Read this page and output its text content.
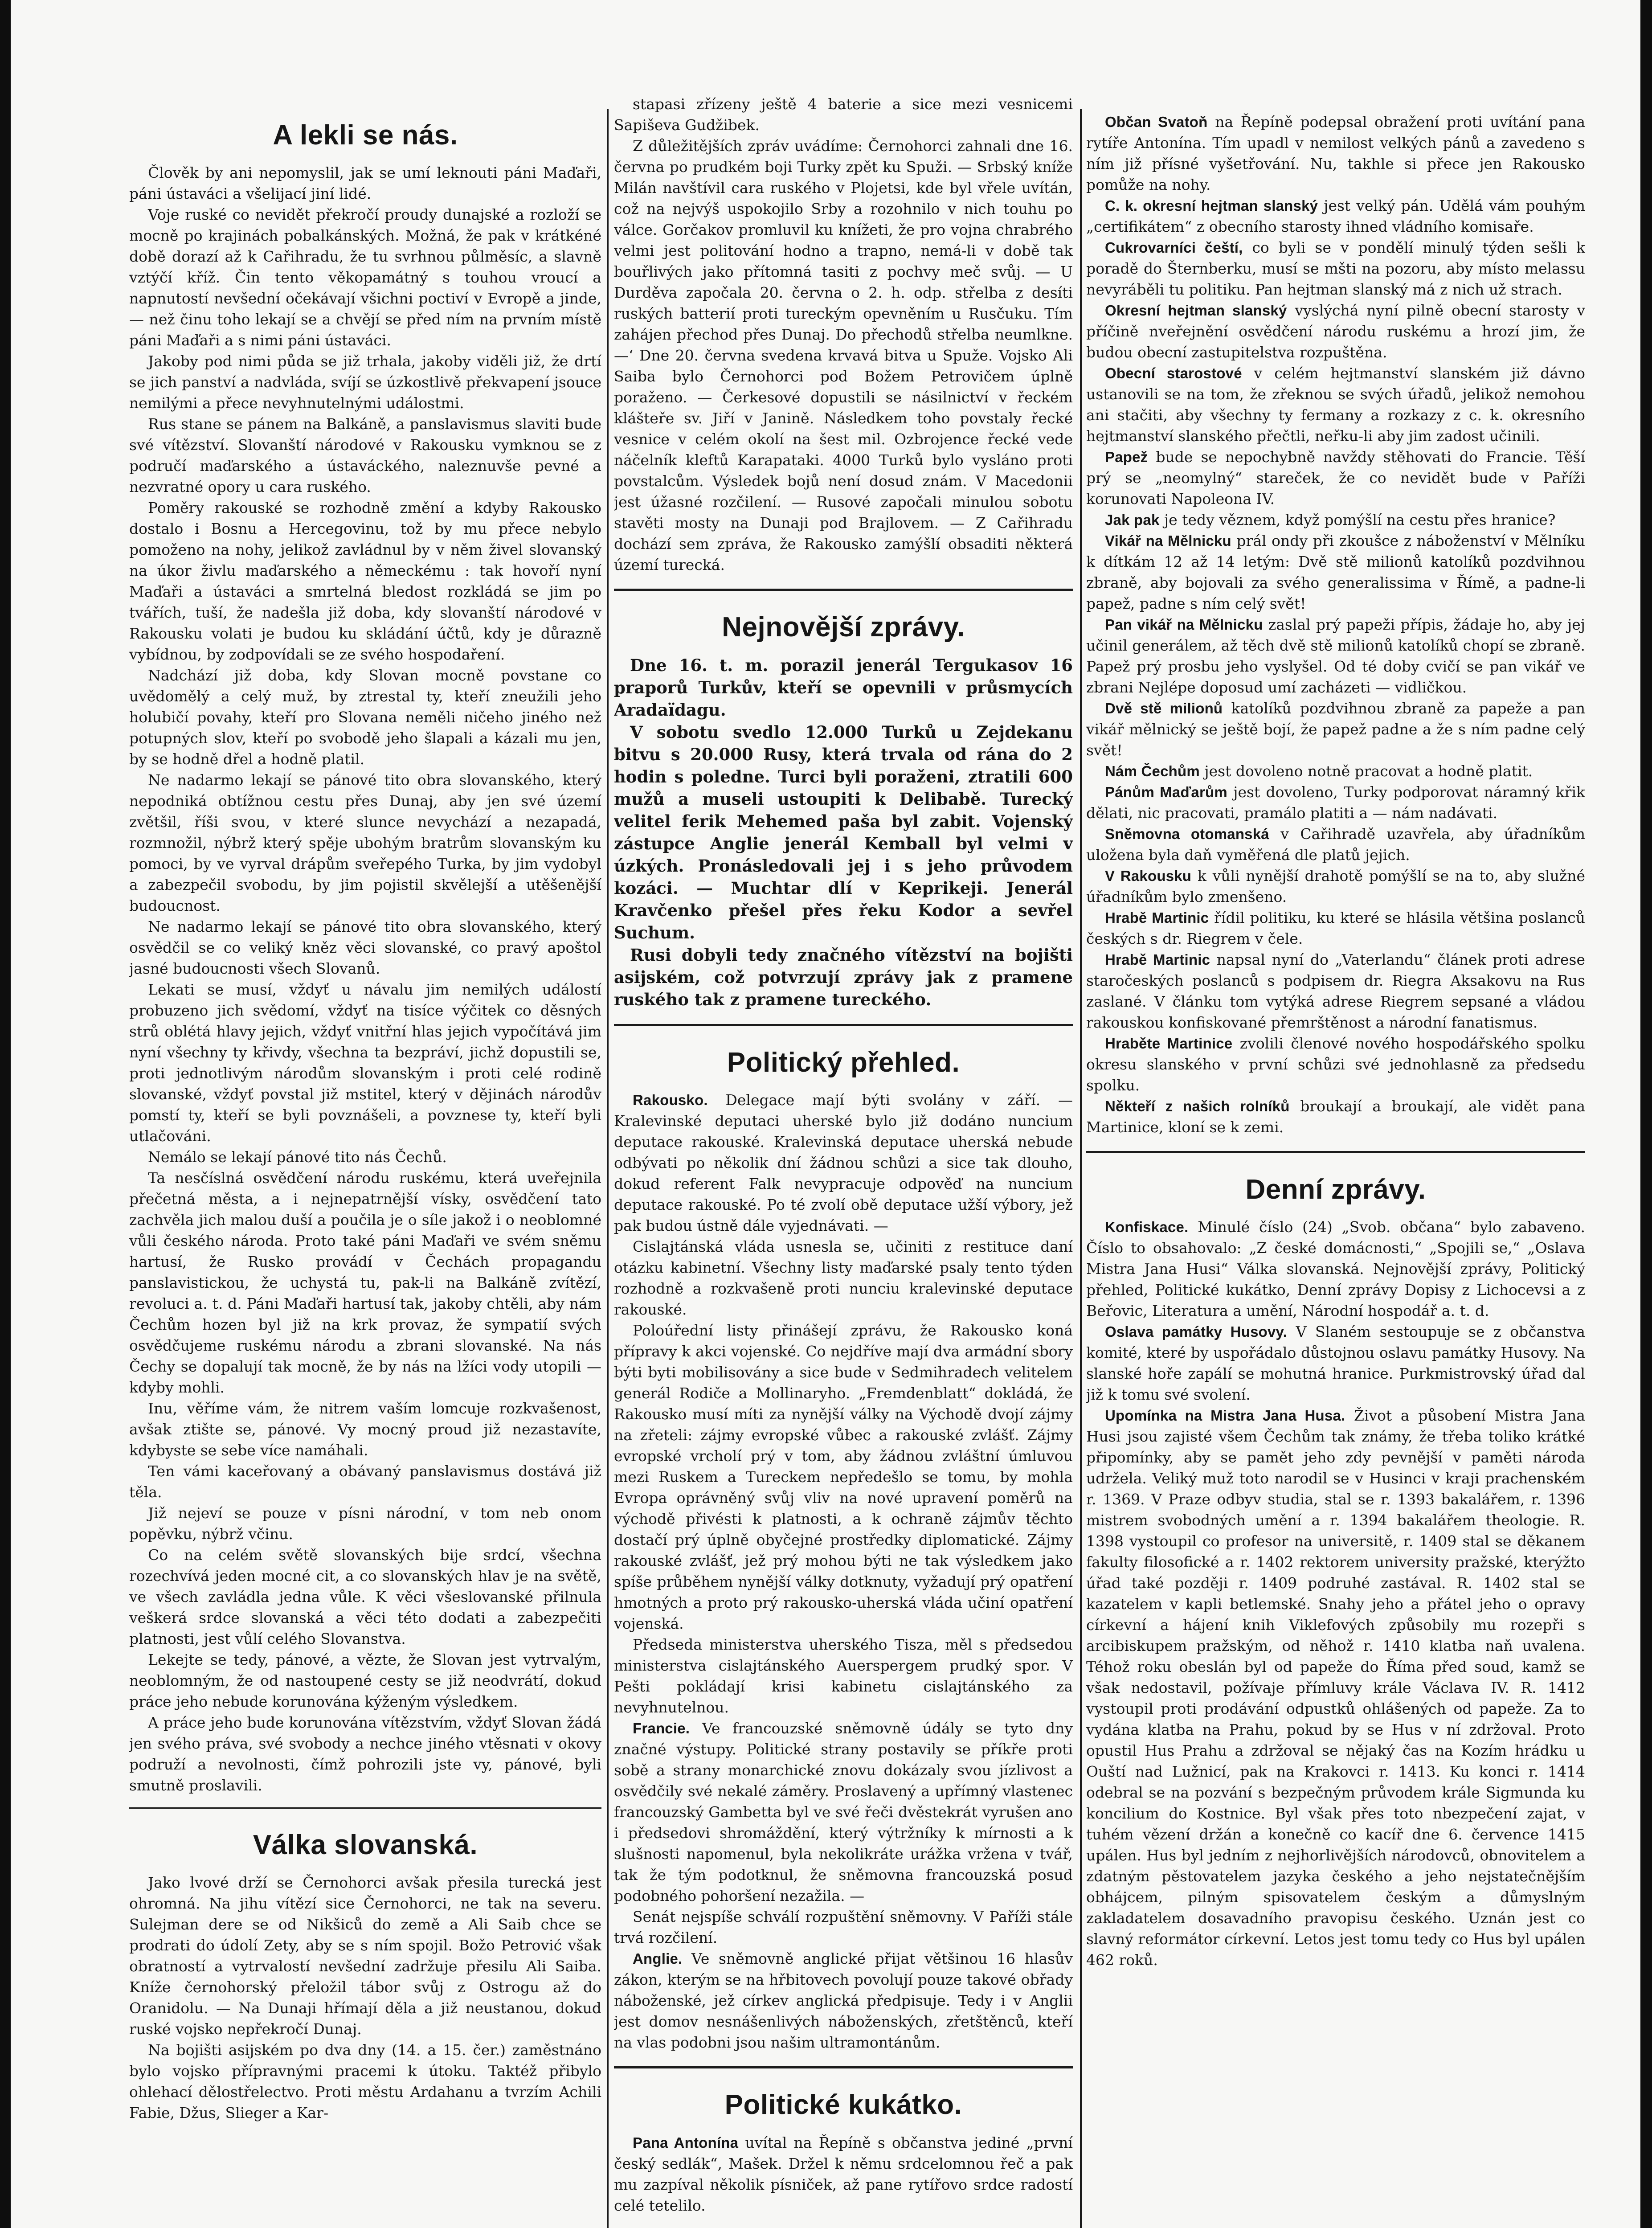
A lekli se nás.

Člověk by ani nepomyslil, jak se umí leknouti páni Maďaři, páni ústaváci a všelijací jiní lidé.

Voje ruské co nevidět překročí proudy dunajské a rozloží se mocně po krajinách pobalkánských. Možná, že pak v krátkéné době dorazí až k Cařihradu, že tu svrhnou půlměsíc, a slavně vztýčí kříž. Čin tento věkopamátný s touhou vroucí a napnutostí nevšední očekávají všichni poctiví v Evropě a jinde, — než činu toho lekají se a chvějí se před ním na prvním místě páni Maďaři a s nimi páni ústaváci.

Jakoby pod nimi půda se již trhala, jakoby viděli již, že drtí se jich panství a nadvláda, svíjí se úzkostlivě překvapení jsouce nemilými a přece nevyhnutelnými událostmi.

Rus stane se pánem na Balkáně, a panslavismus slaviti bude své vítězství. Slovanští národové v Rakousku vymknou se z područí maďarského a ústaváckého, naleznuvše pevné a nezvratné opory u cara ruského.

Poměry rakouské se rozhodně změní a kdyby Rakousko dostalo i Bosnu a Hercegovinu, tož by mu přece nebylo pomoženo na nohy, jelikož zavládnul by v něm živel slovanský na úkor živlu maďarského a německému : tak hovoří nyní Maďaři a ústaváci a smrtelná bledost rozkládá se jim po tvářích, tuší, že nadešla již doba, kdy slovanští národové v Rakousku volati je budou ku skládání účtů, kdy je důrazně vybídnou, by zodpovídali se ze svého hospodaření.

Nadchází již doba, kdy Slovan mocně povstane co uvědomělý a celý muž, by ztrestal ty, kteří zneužili jeho holubičí povahy, kteří pro Slovana neměli ničeho jiného než potupných slov, kteří po svobodě jeho šlapali a kázali mu jen, by se hodně dřel a hodně platil.

Ne nadarmo lekají se pánové tito obra slovanského, který nepodniká obtížnou cestu přes Dunaj, aby jen své území zvětšil, říši svou, v které slunce nevychází a nezapadá, rozmnožil, nýbrž který spěje ubohým bratrům slovanským ku pomoci, by ve vyrval drápům sveřepého Turka, by jim vydobyl a zabezpečil svobodu, by jim pojistil skvělejší a utěšenější budoucnost.

Ne nadarmo lekají se pánové tito obra slovanského, který osvědčil se co veliký kněz věci slovanské, co pravý apoštol jasné budoucnosti všech Slovanů.

Lekati se musí, vždyť u návalu jim nemilých událostí probuzeno jich svědomí, vždyť na tisíce výčitek co děsných strů oblétá hlavy jejich, vždyť vnitřní hlas jejich vypočítává jim nyní všechny ty křivdy, všechna ta bezpráví, jichž dopustili se, proti jednotlivým národům slovanským i proti celé rodině slovanské, vždyť povstal již mstitel, který v dějinách národův pomstí ty, kteří se byli povznášeli, a povznese ty, kteří byli utlačováni.

Nemálo se lekají pánové tito nás Čechů.

Ta nesčíslná osvědčení národu ruskému, která uveřejnila přečetná města, a i nejnepatrnější vísky, osvědčení tato zachvěla jich malou duší a poučila je o síle jakož i o neoblomné vůli českého národa. Proto také páni Maďaři ve svém sněmu hartusí, že Rusko provádí v Čechách propagandu panslavistickou, že uchystá tu, pak-li na Balkáně zvítězí, revoluci a. t. d. Páni Maďaři hartusí tak, jakoby chtěli, aby nám Čechům hozen byl již na krk provaz, že sympatií svých osvědčujeme ruskému národu a zbrani slovanské. Na nás Čechy se dopalují tak mocně, že by nás na lžíci vody utopili — kdyby mohli.

Inu, věříme vám, že nitrem vaším lomcuje rozkvašenost, avšak ztište se, pánové. Vy mocný proud již nezastavíte, kdybyste se sebe více namáhali.

Ten vámi kaceřovaný a obávaný panslavismus dostává již těla.

Již nejeví se pouze v písni národní, v tom neb onom popěvku, nýbrž včinu.

Co na celém světě slovanských bije srdcí, všechna rozechvívá jeden mocné cit, a co slovanských hlav je na světě, ve všech zavládla jedna vůle. K věci všeslovanské přilnula veškerá srdce slovanská a věci této dodati a zabezpečiti platnosti, jest vůlí celého Slovanstva.

Lekejte se tedy, pánové, a vězte, že Slovan jest vytrvalým, neoblomným, že od nastoupené cesty se již neodvrátí, dokud práce jeho nebude korunována kýženým výsledkem.

A práce jeho bude korunována vítězstvím, vždyť Slovan žádá jen svého práva, své svobody a nechce jiného vtěsnati v okovy podruží a nevolnosti, čímž pohrozili jste vy, pánové, byli smutně proslavili.

Válka slovanská.

Jako lvové drží se Černohorci avšak přesila turecká jest ohromná. Na jihu vítězí sice Černohorci, ne tak na severu. Sulejman dere se od Nikšiců do země a Ali Saib chce se prodrati do údolí Zety, aby se s ním spojil. Božo Petrović však obratností a vytrvalostí nevšední zadržuje přesilu Ali Saiba. Kníže černohorský přeložil tábor svůj z Ostrogu až do Oranidolu. — Na Dunaji hřímají děla a již neustanou, dokud ruské vojsko nepřekročí Dunaj.

Na bojišti asijském po dva dny (14. a 15. čer.) zaměstnáno bylo vojsko přípravnými pracemi k útoku. Taktéž přibylo ohlehací dělostřelectvo. Proti městu Ardahanu a tvrzím Achili Fabie, Džus, Slieger a Kar-

stapasi zřízeny ještě 4 baterie a sice mezi vesnicemi Sapiševa Gudžibek.

Z důležitějších zpráv uvádíme: Černohorci zahnali dne 16. června po prudkém boji Turky zpět ku Spuži. — Srbský kníže Milán navštívil cara ruského v Plojetsi, kde byl vřele uvítán, což na nejvýš uspokojilo Srby a rozohnilo v nich touhu po válce. Gorčakov promluvil ku knížeti, že pro vojna chrabrého velmi jest politování hodno a trapno, nemá-li v době tak bouřlivých jako přítomná tasiti z pochvy meč svůj. — U Durděva započala 20. června o 2. h. odp. střelba z desíti ruských batterií proti tureckým opevněním u Rusčuku. Tím zahájen přechod přes Dunaj. Do přechodů střelba neumlkne. —ʻ Dne 20. června svedena krvavá bitva u Spuže. Vojsko Ali Saiba bylo Černohorci pod Božem Petrovičem úplně poraženo. — Čerkesové dopustili se násilnictví v řeckém klášteře sv. Jiří v Janině. Následkem toho povstaly řecké vesnice v celém okolí na šest mil. Ozbrojence řecké vede náčelník kleftů Karapataki. 4000 Turků bylo vysláno proti povstalcům. Výsledek bojů není dosud znám. V Macedonii jest úžasné rozčilení. — Rusové započali minulou sobotu stavěti mosty na Dunaji pod Brajlovem. — Z Cařihradu dochází sem zpráva, že Rakousko zamýšlí obsaditi některá území turecká.

Nejnovější zprávy.

Dne 16. t. m. porazil jenerál Tergukasov 16 praporů Turkův, kteří se opevnili v průsmycích Aradaïdagu.

V sobotu svedlo 12.000 Turků u Zejdekanu bitvu s 20.000 Rusy, která trvala od rána do 2 hodin s poledne. Turci byli poraženi, ztratili 600 mužů a museli ustoupiti k Delibabě. Turecký velitel ferik Mehemed paša byl zabit. Vojenský zástupce Anglie jenerál Kemball byl velmi v úzkých. Pronásledovali jej i s jeho průvodem kozáci. — Muchtar dlí v Keprikeji. Jenerál Kravčenko přešel přes řeku Kodor a sevřel Suchum.

Rusi dobyli tedy značného vítězství na bojišti asijském, což potvrzují zprávy jak z pramene ruského tak z pramene tureckého.

Politický přehled.

Rakousko. Delegace mají býti svolány v září. — Kralevinské deputaci uherské bylo již dodáno nuncium deputace rakouské. Kralevinská deputace uherská nebude odbývati po několik dní žádnou schůzi a sice tak dlouho, dokud referent Falk nevypracuje odpověď na nuncium deputace rakouské. Po té zvolí obě deputace užší výbory, jež pak budou ústně dále vyjednávati. —

Cislajtánská vláda usnesla se, učiniti z restituce daní otázku kabinetní. Všechny listy maďarské psaly tento týden rozhodně a rozkvašeně proti nunciu kralevinské deputace rakouské.

Poloúřední listy přinášejí zprávu, že Rakousko koná přípravy k akci vojenské. Co nejdříve mají dva armádní sbory býti byti mobilisovány a sice bude v Sedmihradech velitelem generál Rodiče a Mollinaryho. „Fremdenblatt“ dokládá, že Rakousko musí míti za nynější války na Východě dvojí zájmy na zřeteli: zájmy evropské vůbec a rakouské zvlášť. Zájmy evropské vrcholí prý v tom, aby žádnou zvláštní úmluvou mezi Ruskem a Tureckem nepředešlo se tomu, by mohla Evropa oprávněný svůj vliv na nové upravení poměrů na východě přivésti k platnosti, a k ochraně zájmův těchto dostačí prý úplně obyčejné prostředky diplomatické. Zájmy rakouské zvlášť, jež prý mohou býti ne tak výsledkem jako spíše průběhem nynější války dotknuty, vyžadují prý opatření hmotných a proto prý rakousko-uherská vláda učiní opatření vojenská.

Předseda ministerstva uherského Tisza, měl s předsedou ministerstva cislajtánského Auerspergem prudký spor. V Pešti pokládají krisi kabinetu cislajtánského za nevyhnutelnou.

Francie. Ve francouzské sněmovně údály se tyto dny značné výstupy. Politické strany postavily se příkře proti sobě a strany monarchické znovu dokázaly svou jízlivost a osvědčily své nekalé záměry. Proslavený a upřímný vlastenec francouzský Gambetta byl ve své řeči dvěstekrát vyrušen ano i předsedovi shromáždění, který výtržníky k mírnosti a k slušnosti napomenul, byla nekolikráte urážka vržena v tvář, tak že tým podotknul, že sněmovna francouzská posud podobného pohoršení nezažila. —

Senát nejspíše schválí rozpuštění sněmovny. V Paříži stále trvá rozčilení.

Anglie. Ve sněmovně anglické přijat většinou 16 hlasův zákon, kterým se na hřbitovech povolují pouze takové obřady náboženské, jež církev anglická předpisuje. Tedy i v Anglii jest domov nesnášenlivých náboženských, zřetštěnců, kteří na vlas podobni jsou našim ultramontánům.

Politické kukátko.

Pana Antonína uvítal na Řepíně s občanstva jediné „první český sedlák“, Mašek. Držel k němu srdcelomnou řeč a pak mu zazpíval několik písniček, až pane rytířovo srdce radostí celé tetelilo.

Občan Svatoň na Řepíně podepsal obražení proti uvítání pana rytíře Antonína. Tím upadl v nemilost velkých pánů a zavedeno s ním již přísné vyšetřování. Nu, takhle si přece jen Rakousko pomůže na nohy.

C. k. okresní hejtman slanský jest velký pán. Udělá vám pouhým „certifikátem“ z obecního starosty ihned vládního komisaře.

Cukrovarníci čeští, co byli se v pondělí minulý týden sešli k poradě do Šternberku, musí se mšti na pozoru, aby místo melassu nevyráběli tu politiku. Pan hejtman slanský má z nich už strach.

Okresní hejtman slanský vyslýchá nyní pilně obecní starosty v příčině nveřejnění osvědčení národu ruskému a hrozí jim, že budou obecní zastupitelstva rozpuštěna.

Obecní starostové v celém hejtmanství slanském již dávno ustanovili se na tom, že zřeknou se svých úřadů, jelikož nemohou ani stačiti, aby všechny ty fermany a rozkazy z c. k. okresního hejtmanství slanského přečtli, neřku-li aby jim zadost učinili.

Papež bude se nepochybně navždy stěhovati do Francie. Těší prý se „neomylný“ stareček, že co nevidět bude v Paříži korunovati Napoleona IV.

Jak pak je tedy věznem, když pomýšlí na cestu přes hranice?

Vikář na Mělnicku prál ondy při zkoušce z náboženství v Mělníku k dítkám 12 až 14 letým: Dvě stě milionů katolíků pozdvihnou zbraně, aby bojovali za svého generalissima v Římě, a padne-li papež, padne s ním celý svět!

Pan vikář na Mělnicku zaslal prý papeži přípis, žádaje ho, aby jej učinil generálem, až těch dvě stě milionů katolíků chopí se zbraně. Papež prý prosbu jeho vyslyšel. Od té doby cvičí se pan vikář ve zbrani Nejlépe doposud umí zacházeti — vidličkou.

Dvě stě milionů katolíků pozdvihnou zbraně za papeže a pan vikář mělnický se ještě bojí, že papež padne a že s ním padne celý svět!

Nám Čechům jest dovoleno notně pracovat a hodně platit.

Pánům Maďarům jest dovoleno, Turky podporovat náramný křik dělati, nic pracovati, pramálo platiti a — nám nadávati.

Sněmovna otomanská v Cařihradě uzavřela, aby úřadníkům uložena byla daň vyměřená dle platů jejich.

V Rakousku k vůli nynější drahotě pomýšlí se na to, aby služné úřadníkům bylo zmenšeno.

Hrabě Martinic řídil politiku, ku které se hlásila většina poslanců českých s dr. Riegrem v čele.

Hrabě Martinic napsal nyní do „Vaterlandu“ článek proti adrese staročeských poslanců s podpisem dr. Riegra Aksakovu na Rus zaslané. V článku tom vytýká adrese Riegrem sepsané a vládou rakouskou konfiskované přemrštěnost a národní fanatismus.

Hraběte Martinice zvolili členové nového hospodářského spolku okresu slanského v první schůzi své jednohlasně za předsedu spolku.

Někteří z našich rolníků broukají a broukají, ale vidět pana Martinice, kloní se k zemi.

Denní zprávy.

Konfiskace. Minulé číslo (24) „Svob. občana“ bylo zabaveno. Číslo to obsahovalo: „Z české domácnosti,“ „Spojili se,“ „Oslava Mistra Jana Husi“ Válka slovanská. Nejnovější zprávy, Politický přehled, Politické kukátko, Denní zprávy Dopisy z Lichocevsi a z Beřovic, Literatura a umění, Národní hospodář a. t. d.

Oslava památky Husovy. V Slaném sestoupuje se z občanstva komité, které by uspořádalo důstojnou oslavu památky Husovy. Na slanské hoře zapálí se mohutná hranice. Purkmistrovský úřad dal již k tomu své svolení.

Upomínka na Mistra Jana Husa. Život a působení Mistra Jana Husi jsou zajisté všem Čechům tak známy, že třeba toliko krátké připomínky, aby se pamět jeho zdy pevnější v paměti národa udržela. Veliký muž toto narodil se v Husinci v kraji prachenském r. 1369. V Praze odbyv studia, stal se r. 1393 bakalářem, r. 1396 mistrem svobodných umění a r. 1394 bakalářem theologie. R. 1398 vystoupil co profesor na universitě, r. 1409 stal se děkanem fakulty filosofické a r. 1402 rektorem university pražské, kterýžto úřad také později r. 1409 podruhé zastával. R. 1402 stal se kazatelem v kapli betlemské. Snahy jeho a přátel jeho o opravy církevní a hájení knih Viklefových způsobily mu rozepři s arcibiskupem pražským, od něhož r. 1410 klatba naň uvalena. Téhož roku obeslán byl od papeže do Říma před soud, kamž se však nedostavil, požívaje přímluvy krále Václava IV. R. 1412 vystoupil proti prodávání odpustků ohlášených od papeže. Za to vydána klatba na Prahu, pokud by se Hus v ní zdržoval. Proto opustil Hus Prahu a zdržoval se nějaký čas na Kozím hrádku u Ouští nad Lužnicí, pak na Krakovci r. 1413. Ku konci r. 1414 odebral se na pozvání s bezpečným průvodem krále Sigmunda ku koncilium do Kostnice. Byl však přes toto nbezpečení zajat, v tuhém vězení držán a konečně co kacíř dne 6. července 1415 upálen. Hus byl jedním z nejhorlivějších národovců, obnovitelem a zdatným pěstovatelem jazyka českého a jeho nejstatečnějším obhájcem, pilným spisovatelem českým a důmyslným zakladatelem dosavadního pravopisu českého. Uznán jest co slavný reformátor církevní. Letos jest tomu tedy co Hus byl upálen 462 roků.
